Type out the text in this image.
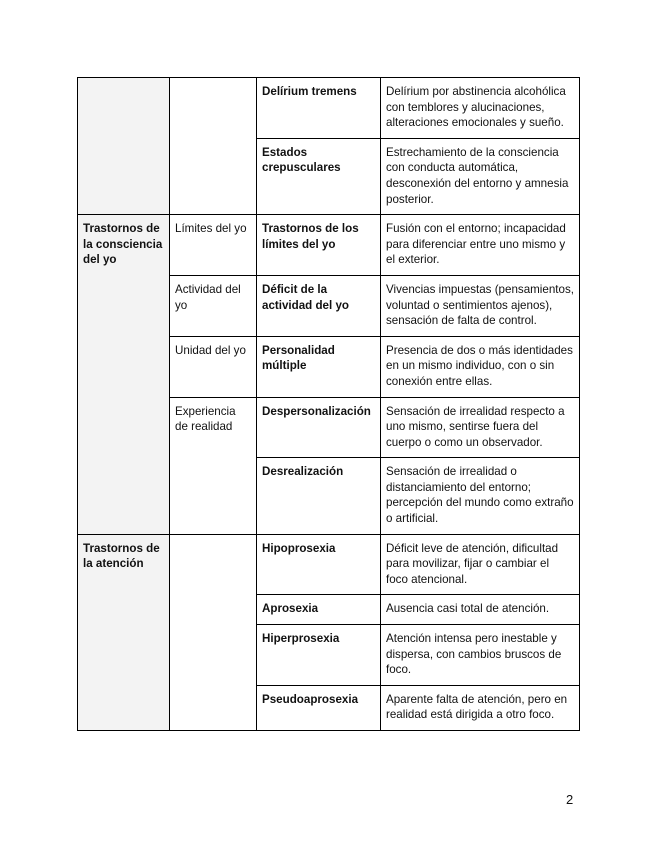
		Delírium tremens	Delírium por abstinencia alcohólica con temblores y alucinaciones, alteraciones emocionales y sueño.
		Estados crepusculares	Estrechamiento de la consciencia con conducta automática, desconexión del entorno y amnesia posterior.
Trastornos de la consciencia del yo	Límites del yo	Trastornos de los límites del yo	Fusión con el entorno; incapacidad para diferenciar entre uno mismo y el exterior.
	Actividad del yo	Déficit de la actividad del yo	Vivencias impuestas (pensamientos, voluntad o sentimientos ajenos), sensación de falta de control.
	Unidad del yo	Personalidad múltiple	Presencia de dos o más identidades en un mismo individuo, con o sin conexión entre ellas.
	Experiencia de realidad	Despersonalización	Sensación de irrealidad respecto a uno mismo, sentirse fuera del cuerpo o como un observador.
		Desrealización	Sensación de irrealidad o distanciamiento del entorno; percepción del mundo como extraño o artificial.
Trastornos de la atención		Hipoprosexia	Déficit leve de atención, dificultad para movilizar, fijar o cambiar el foco atencional.
		Aprosexia	Ausencia casi total de atención.
		Hiperprosexia	Atención intensa pero inestable y dispersa, con cambios bruscos de foco.
		Pseudoaprosexia	Aparente falta de atención, pero en realidad está dirigida a otro foco.
2
